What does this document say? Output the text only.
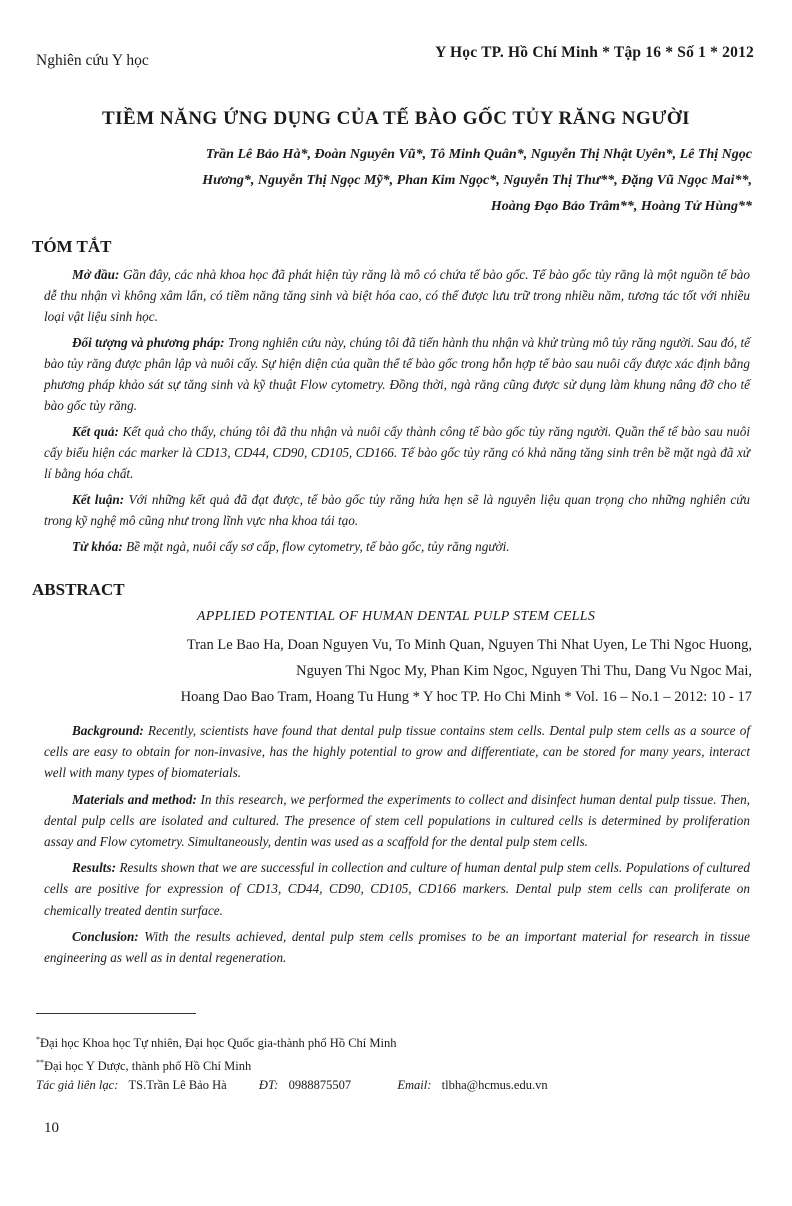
Nghiên cứu Y học	Y Học TP. Hồ Chí Minh * Tập 16 * Số 1 * 2012
TIỀM NĂNG ỨNG DỤNG CỦA TẾ BÀO GỐC TỦY RĂNG NGƯỜI
Trần Lê Bảo Hà*, Đoàn Nguyên Vũ*, Tô Minh Quân*, Nguyễn Thị Nhật Uyên*, Lê Thị Ngọc
Hương*, Nguyễn Thị Ngọc Mỹ*, Phan Kim Ngọc*, Nguyễn Thị Thư**, Đặng Vũ Ngọc Mai**,
Hoàng Đạo Bảo Trâm**, Hoàng Tử Hùng**
TÓM TẮT

Mở đầu: Gần đây, các nhà khoa học đã phát hiện tủy răng là mô có chứa tế bào gốc. Tế bào gốc tủy răng là một nguồn tế bào dễ thu nhận vì không xâm lấn, có tiềm năng tăng sinh và biệt hóa cao, có thể được lưu trữ trong nhiều năm, tương tác tốt với nhiều loại vật liệu sinh học.

Đối tượng và phương pháp: Trong nghiên cứu này, chúng tôi đã tiến hành thu nhận và khử trùng mô tủy răng người. Sau đó, tế bào tủy răng được phân lập và nuôi cấy. Sự hiện diện của quần thể tế bào gốc trong hỗn hợp tế bào sau nuôi cấy được xác định bằng phương pháp khảo sát sự tăng sinh và kỹ thuật Flow cytometry. Đồng thời, ngà răng cũng được sử dụng làm khung nâng đỡ cho tế bào gốc tủy răng.

Kết quả: Kết quả cho thấy, chúng tôi đã thu nhận và nuôi cấy thành công tế bào gốc tủy răng người. Quần thể tế bào sau nuôi cấy biểu hiện các marker là CD13, CD44, CD90, CD105, CD166. Tế bào gốc tủy răng có khả năng tăng sinh trên bề mặt ngà đã xử lí bằng hóa chất.

Kết luận: Với những kết quả đã đạt được, tế bào gốc tủy răng hứa hẹn sẽ là nguyên liệu quan trọng cho những nghiên cứu trong kỹ nghệ mô cũng như trong lĩnh vực nha khoa tái tạo.

Từ khóa: Bề mặt ngà, nuôi cấy sơ cấp, flow cytometry, tế bào gốc, tủy răng người.

ABSTRACT
APPLIED POTENTIAL OF HUMAN DENTAL PULP STEM CELLS
Tran Le Bao Ha, Doan Nguyen Vu, To Minh Quan, Nguyen Thi Nhat Uyen, Le Thi Ngoc Huong,
Nguyen Thi Ngoc My, Phan Kim Ngoc, Nguyen Thi Thu, Dang Vu Ngoc Mai,
Hoang Dao Bao Tram, Hoang Tu Hung * Y hoc TP. Ho Chi Minh * Vol. 16 – No.1 – 2012: 10 - 17

Background: Recently, scientists have found that dental pulp tissue contains stem cells. Dental pulp stem cells as a source of cells are easy to obtain for non-invasive, has the highly potential to grow and differentiate, can be stored for many years, interact well with many types of biomaterials.

Materials and method: In this research, we performed the experiments to collect and disinfect human dental pulp tissue. Then, dental pulp cells are isolated and cultured. The presence of stem cell populations in cultured cells is determined by proliferation assay and Flow cytometry. Simultaneously, dentin was used as a scaffold for the dental pulp stem cells.

Results: Results shown that we are successful in collection and culture of human dental pulp stem cells. Populations of cultured cells are positive for expression of CD13, CD44, CD90, CD105, CD166 markers. Dental pulp stem cells can proliferate on chemically treated dentin surface.

Conclusion: With the results achieved, dental pulp stem cells promises to be an important material for research in tissue engineering as well as in dental regeneration.

*Đại học Khoa học Tự nhiên, Đại học Quốc gia-thành phố Hồ Chí Minh
**Đại học Y Dược, thành phố Hồ Chí Minh
Tác giả liên lạc: TS.Trần Lê Bảo Hà	ĐT: 0988875507	Email: tlbha@hcmus.edu.vn
10
